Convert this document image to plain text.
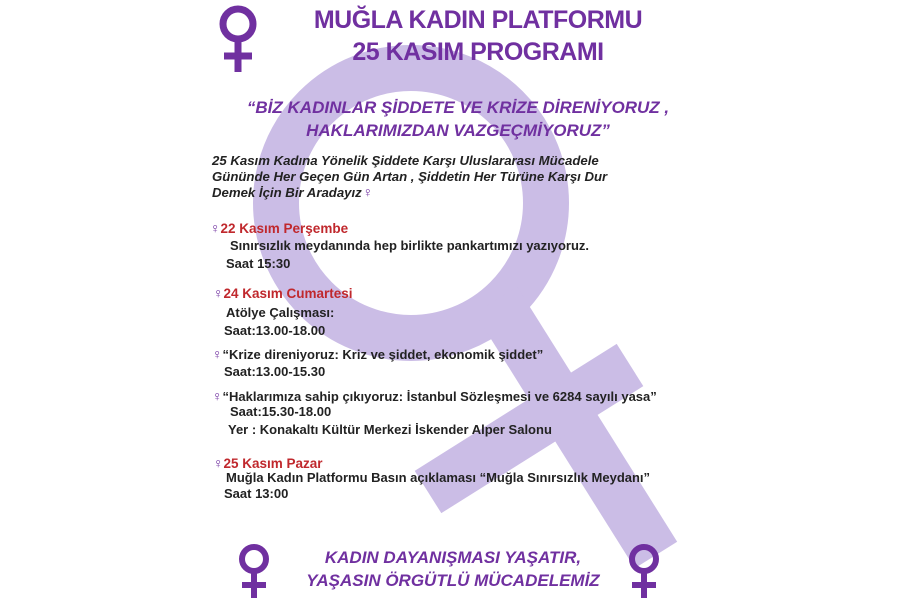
MUĞLA KADIN PLATFORMU
25 KASIM PROGRAMI
“BİZ KADINLAR ŞİDDETE VE KRİZE DİRENİYORUZ ,
HAKLARIMIZDAN VAZGEÇMİYORUZ”
25 Kasım Kadına Yönelik Şiddete Karşı Uluslararası Mücadele
Gününde Her Geçen Gün Artan , Şiddetin Her Türüne Karşı Dur
Demek İçin Bir Aradayız♀
♀22 Kasım Perşembe
Sınırsızlık meydanında hep birlikte pankartımızı yazıyoruz.
Saat 15:30
♀24 Kasım Cumartesi
Atölye Çalışması:
Saat:13.00-18.00
♀“Krize direniyoruz: Kriz ve şiddet, ekonomik şiddet”
Saat:13.00-15.30
♀“Haklarımıza sahip çıkıyoruz: İstanbul Sözleşmesi ve 6284 sayılı yasa”
Saat:15.30-18.00
Yer : Konakaltı Kültür Merkezi İskender Alper Salonu
♀25 Kasım Pazar
Muğla Kadın Platformu Basın açıklaması “Muğla Sınırsızlık Meydanı”
Saat 13:00
KADIN DAYANIŞMASI YAŞATIR,
YAŞASIN ÖRGÜTLÜ MÜCADELEMİZ
